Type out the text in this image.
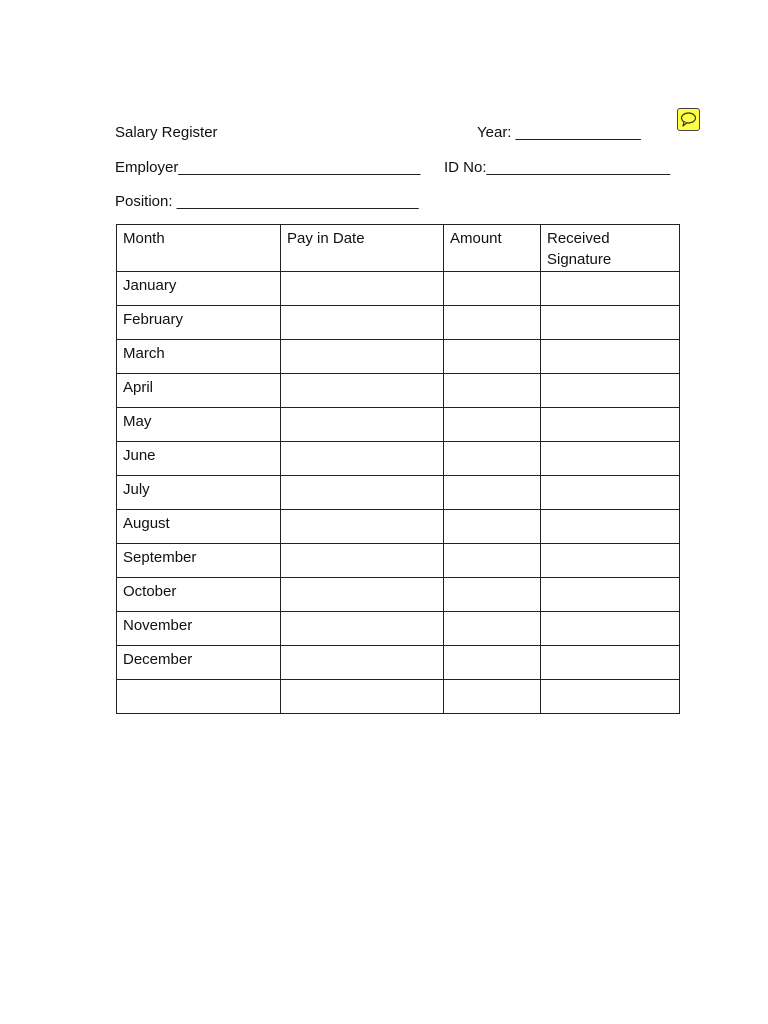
Salary Register	Year: _______________
Employer_____________________________ ID No:______________________
Position: _____________________________
Month	Pay in Date	Amount	Received Signature
January			
February			
March			
April			
May			
June			
July			
August			
September			
October			
November			
December			
